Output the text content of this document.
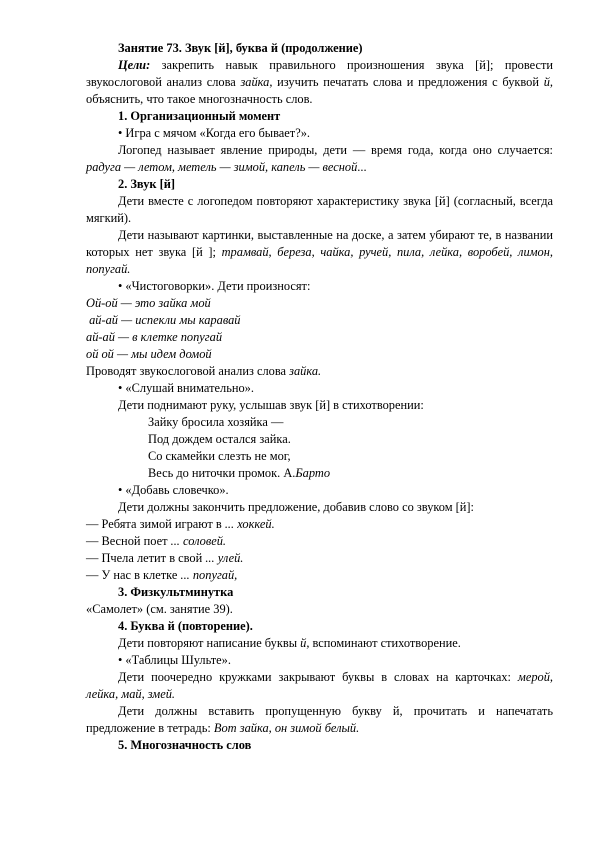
Занятие 73. Звук [й], буква й (продолжение)

Цели: закрепить навык правильного произношения звука [й]; провести звукослоговой анализ слова зайка, изучить печатать слова и предложения с буквой й, объяснить, что такое многозначность слов.

1. Организационный момент

• Игра с мячом «Когда его бывает?».

Логопед называет явление природы, дети — время года, когда оно случается: радуга — летом, метель — зимой, капель — весной...

2. Звук [й]

Дети вместе с логопедом повторяют характеристику звука [й] (согласный, всегда мягкий).

Дети называют картинки, выставленные на доске, а затем убирают те, в названии которых нет звука [й ]; трамвай, береза, чайка, ручей, пила, лейка, воробей, лимон, попугай.

• «Чистоговорки». Дети произносят:

Ой-ой — это зайка мой

ай-ай — испекли мы каравай

ай-ай — в клетке попугай

ой ой — мы идем домой

Проводят звукослоговой анализ слова зайка.

• «Слушай внимательно».

Дети поднимают руку, услышав звук [й] в стихотворении:

Зайку бросила хозяйка —

Под дождем остался зайка.

Со скамейки слезть не мог,

Весь до ниточки промок. А.Барто

• «Добавь словечко».

Дети должны закончить предложение, добавив слово со звуком [й]:

— Ребята зимой играют в ... хоккей.

— Весной поет ... соловей.

— Пчела летит в свой ... улей.

— У нас в клетке ... попугай,

3. Физкультминутка

«Самолет» (см. занятие 39).

4. Буква й (повторение).

Дети повторяют написание буквы й, вспоминают стихотворение.

• «Таблицы Шульте».

Дети поочередно кружками закрывают буквы в словах на карточках: мерой, лейка, май, змей.

Дети должны вставить пропущенную букву й, прочитать и напечатать предложение в тетрадь: Вот зайка, он зимой белый.

5. Многозначность слов
